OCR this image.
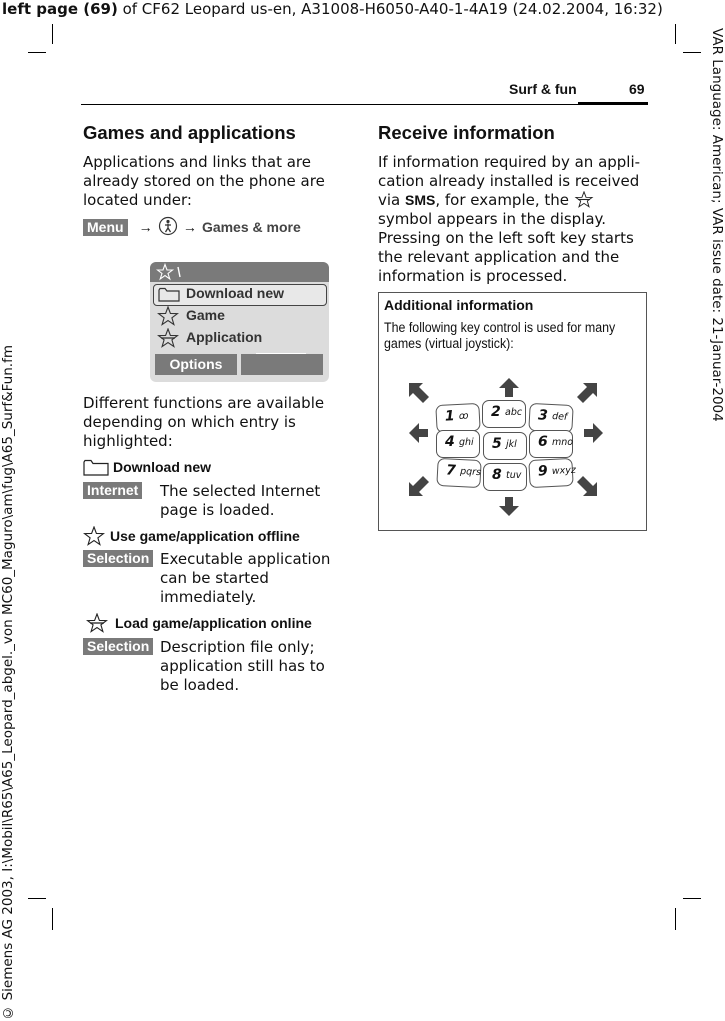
left page (69) of CF62 Leopard us-en, A31008-H6050-A40-1-4A19 (24.02.2004, 16:32)
VAR Language: American; VAR issue date: 21-Januar-2004
© Siemens AG 2003, I:\Mobil\R65\A65_Leopard_abgel._von MC60_Maguro\am\fug\A65_Surf&Fun.fm
Surf & fun	69
Games and applications
Applications and links that are already stored on the phone are located under:
Menu → → Games & more
Download new
Game
Application
Options
Different functions are available depending on which entry is highlighted:
Download new
Internet The selected Internet page is loaded.
Use game/application offline
Selection Executable application can be started immediately.
Load game/application online
Selection Description file only; application still has to be loaded.
Receive information
If information required by an appli-cation already installed is received via SMS, for example, the  symbol appears in the display. Pressing on the left soft key starts the relevant application and the information is processed.
Additional information
The following key control is used for many games (virtual joystick):
1 ꝏ 2 abc 3 def
4 ghi 5 jkl 6 mno
7 pqrs 8 tuv 9 wxyz
